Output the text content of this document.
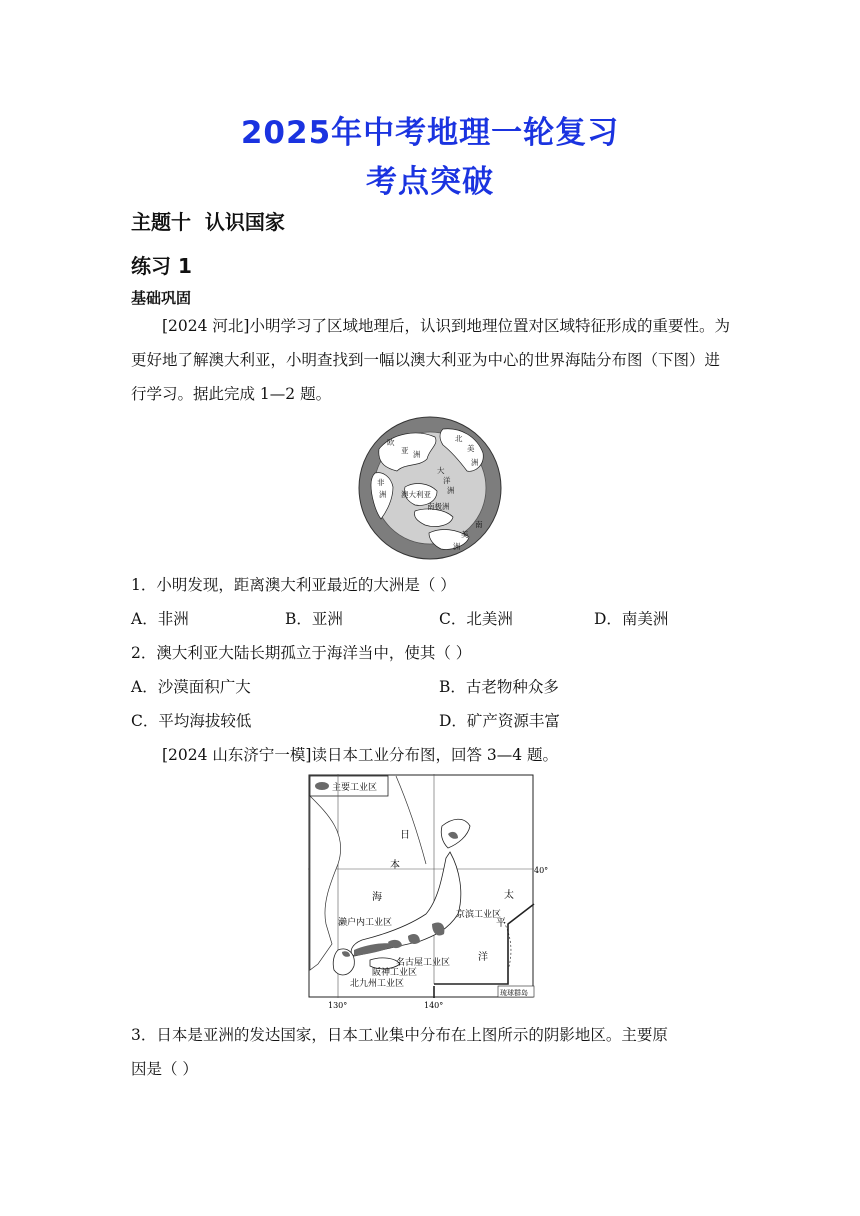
2025年中考地理一轮复习
考点突破
主题十  认识国家
练习 1
基础巩固
[2024 河北]小明学习了区域地理后，认识到地理位置对区域特征形成的重要性。为更好地了解澳大利亚，小明查找到一幅以澳大利亚为中心的世界海陆分布图（下图）进行学习。据此完成 1—2 题。
欧
亚 洲
北
美
洲
非
洲
大
洋
洲
澳大利亚
南极洲
南
美
洲
1．小明发现，距离澳大利亚最近的大洲是（ ）
A．非洲	B．亚洲	C．北美洲	D．南美洲
2．澳大利亚大陆长期孤立于海洋当中，使其（ ）
A．沙漠面积广大	B．古老物种众多
C．平均海拔较低	D．矿产资源丰富
[2024 山东济宁一模]读日本工业分布图，回答 3—4 题。
主要工业区
琉球群岛
日
本
海	太
平
洋
濑户内工业区
京滨工业区
名古屋工业区
阪神工业区
北九州工业区
40°
130°	140°
3．日本是亚洲的发达国家，日本工业集中分布在上图所示的阴影地区。主要原
因是（ ）
